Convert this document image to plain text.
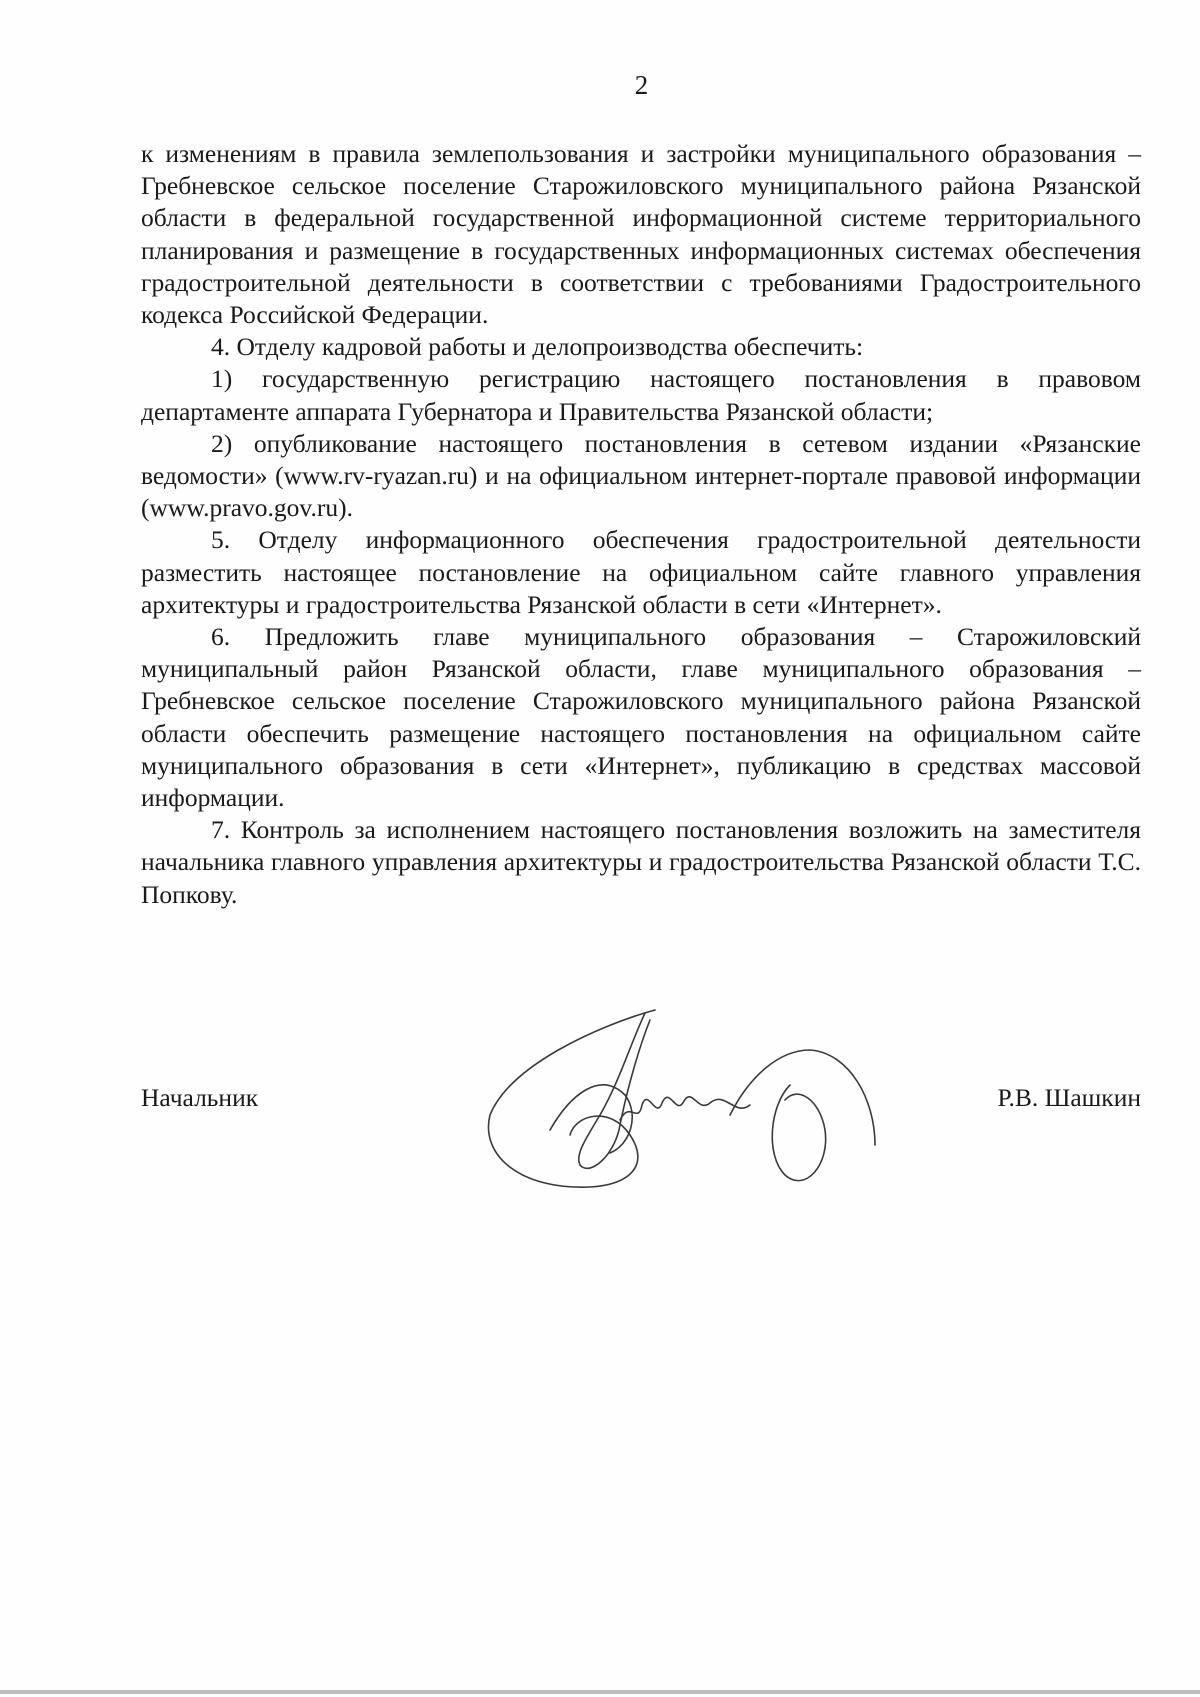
2

к изменениям в правила землепользования и застройки муниципального образования – Гребневское сельское поселение Старожиловского муниципального района Рязанской области в федеральной государственной информационной системе территориального планирования и размещение в государственных информационных системах обеспечения градостроительной деятельности в соответствии с требованиями Градостроительного кодекса Российской Федерации.

4. Отделу кадровой работы и делопроизводства обеспечить:

1) государственную регистрацию настоящего постановления в правовом департаменте аппарата Губернатора и Правительства Рязанской области;

2) опубликование настоящего постановления в сетевом издании «Рязанские ведомости» (www.rv-ryazan.ru) и на официальном интернет-портале правовой информации (www.pravo.gov.ru).

5. Отделу информационного обеспечения градостроительной деятельности разместить настоящее постановление на официальном сайте главного управления архитектуры и градостроительства Рязанской области в сети «Интернет».

6. Предложить главе муниципального образования – Старожиловский муниципальный район Рязанской области, главе муниципального образования – Гребневское сельское поселение Старожиловского муниципального района Рязанской области обеспечить размещение настоящего постановления на официальном сайте муниципального образования в сети «Интернет», публикацию в средствах массовой информации.

7. Контроль за исполнением настоящего постановления возложить на заместителя начальника главного управления архитектуры и градостроительства Рязанской области Т.С. Попкову.

Начальник	Р.В. Шашкин
